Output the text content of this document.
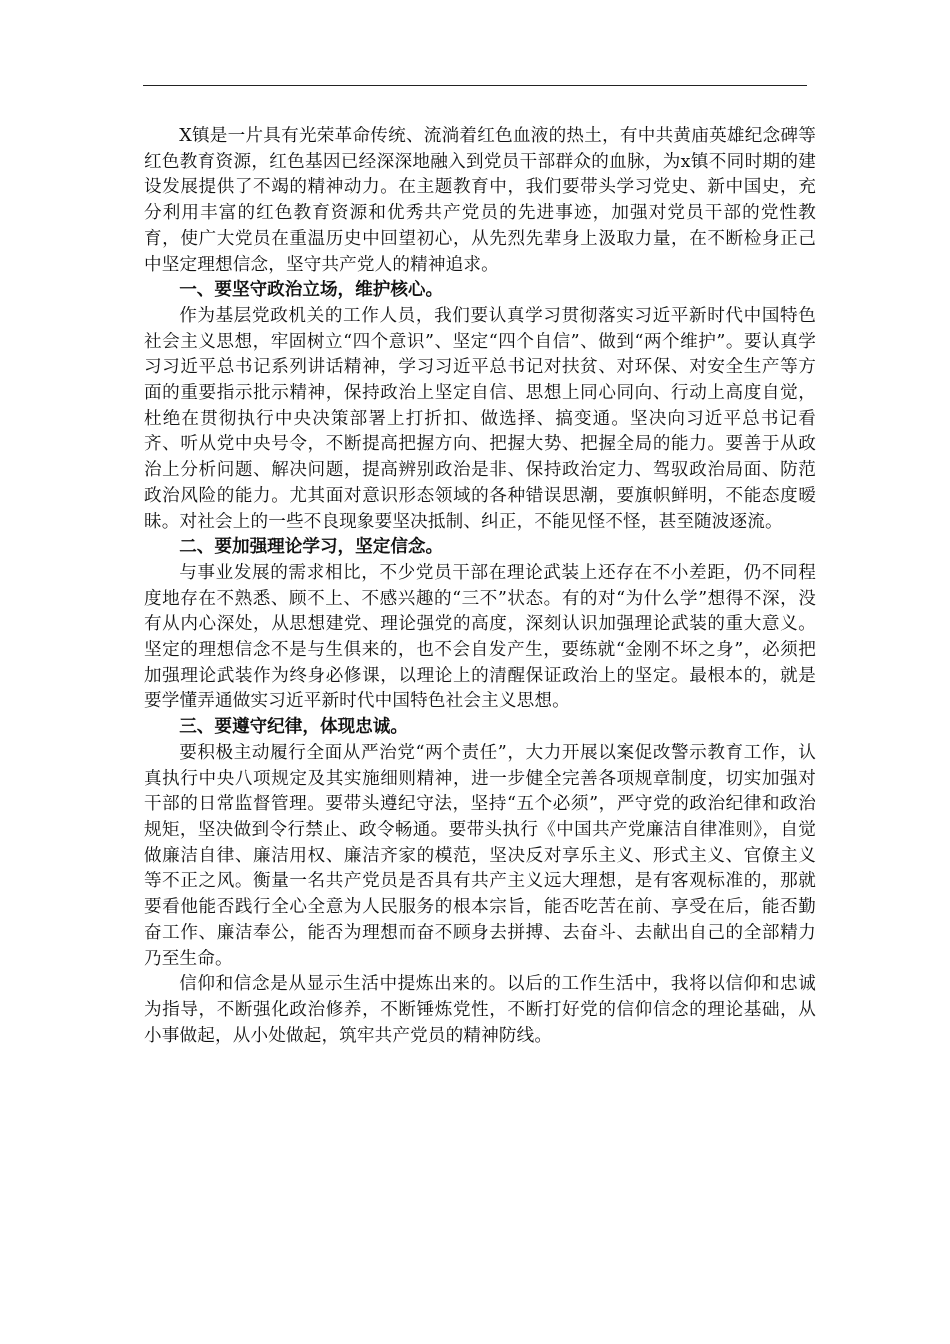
X镇是一片具有光荣革命传统、流淌着红色血液的热土，有中共黄庙英雄纪念碑等红色教育资源，红色基因已经深深地融入到党员干部群众的血脉，为x镇不同时期的建设发展提供了不竭的精神动力。在主题教育中，我们要带头学习党史、新中国史，充分利用丰富的红色教育资源和优秀共产党员的先进事迹，加强对党员干部的党性教育，使广大党员在重温历史中回望初心，从先烈先辈身上汲取力量，在不断检身正己中坚定理想信念，坚守共产党人的精神追求。

一、要坚守政治立场，维护核心。

作为基层党政机关的工作人员，我们要认真学习贯彻落实习近平新时代中国特色社会主义思想，牢固树立“四个意识”、坚定“四个自信”、做到“两个维护”。要认真学习习近平总书记系列讲话精神，学习习近平总书记对扶贫、对环保、对安全生产等方面的重要指示批示精神，保持政治上坚定自信、思想上同心同向、行动上高度自觉，杜绝在贯彻执行中央决策部署上打折扣、做选择、搞变通。坚决向习近平总书记看齐、听从党中央号令，不断提高把握方向、把握大势、把握全局的能力。要善于从政治上分析问题、解决问题，提高辨别政治是非、保持政治定力、驾驭政治局面、防范政治风险的能力。尤其面对意识形态领域的各种错误思潮，要旗帜鲜明，不能态度暧昧。对社会上的一些不良现象要坚决抵制、纠正，不能见怪不怪，甚至随波逐流。

二、要加强理论学习，坚定信念。

与事业发展的需求相比，不少党员干部在理论武装上还存在不小差距，仍不同程度地存在不熟悉、顾不上、不感兴趣的“三不”状态。有的对“为什么学”想得不深，没有从内心深处，从思想建党、理论强党的高度，深刻认识加强理论武装的重大意义。坚定的理想信念不是与生俱来的，也不会自发产生，要练就“金刚不坏之身”，必须把加强理论武装作为终身必修课，以理论上的清醒保证政治上的坚定。最根本的，就是要学懂弄通做实习近平新时代中国特色社会主义思想。

三、要遵守纪律，体现忠诚。

要积极主动履行全面从严治党“两个责任”，大力开展以案促改警示教育工作，认真执行中央八项规定及其实施细则精神，进一步健全完善各项规章制度，切实加强对干部的日常监督管理。要带头遵纪守法，坚持“五个必须”，严守党的政治纪律和政治规矩，坚决做到令行禁止、政令畅通。要带头执行《中国共产党廉洁自律准则》，自觉做廉洁自律、廉洁用权、廉洁齐家的模范，坚决反对享乐主义、形式主义、官僚主义等不正之风。衡量一名共产党员是否具有共产主义远大理想，是有客观标准的，那就要看他能否践行全心全意为人民服务的根本宗旨，能否吃苦在前、享受在后，能否勤奋工作、廉洁奉公，能否为理想而奋不顾身去拼搏、去奋斗、去献出自己的全部精力乃至生命。

信仰和信念是从显示生活中提炼出来的。以后的工作生活中，我将以信仰和忠诚为指导，不断强化政治修养，不断锤炼党性，不断打好党的信仰信念的理论基础，从小事做起，从小处做起，筑牢共产党员的精神防线。
